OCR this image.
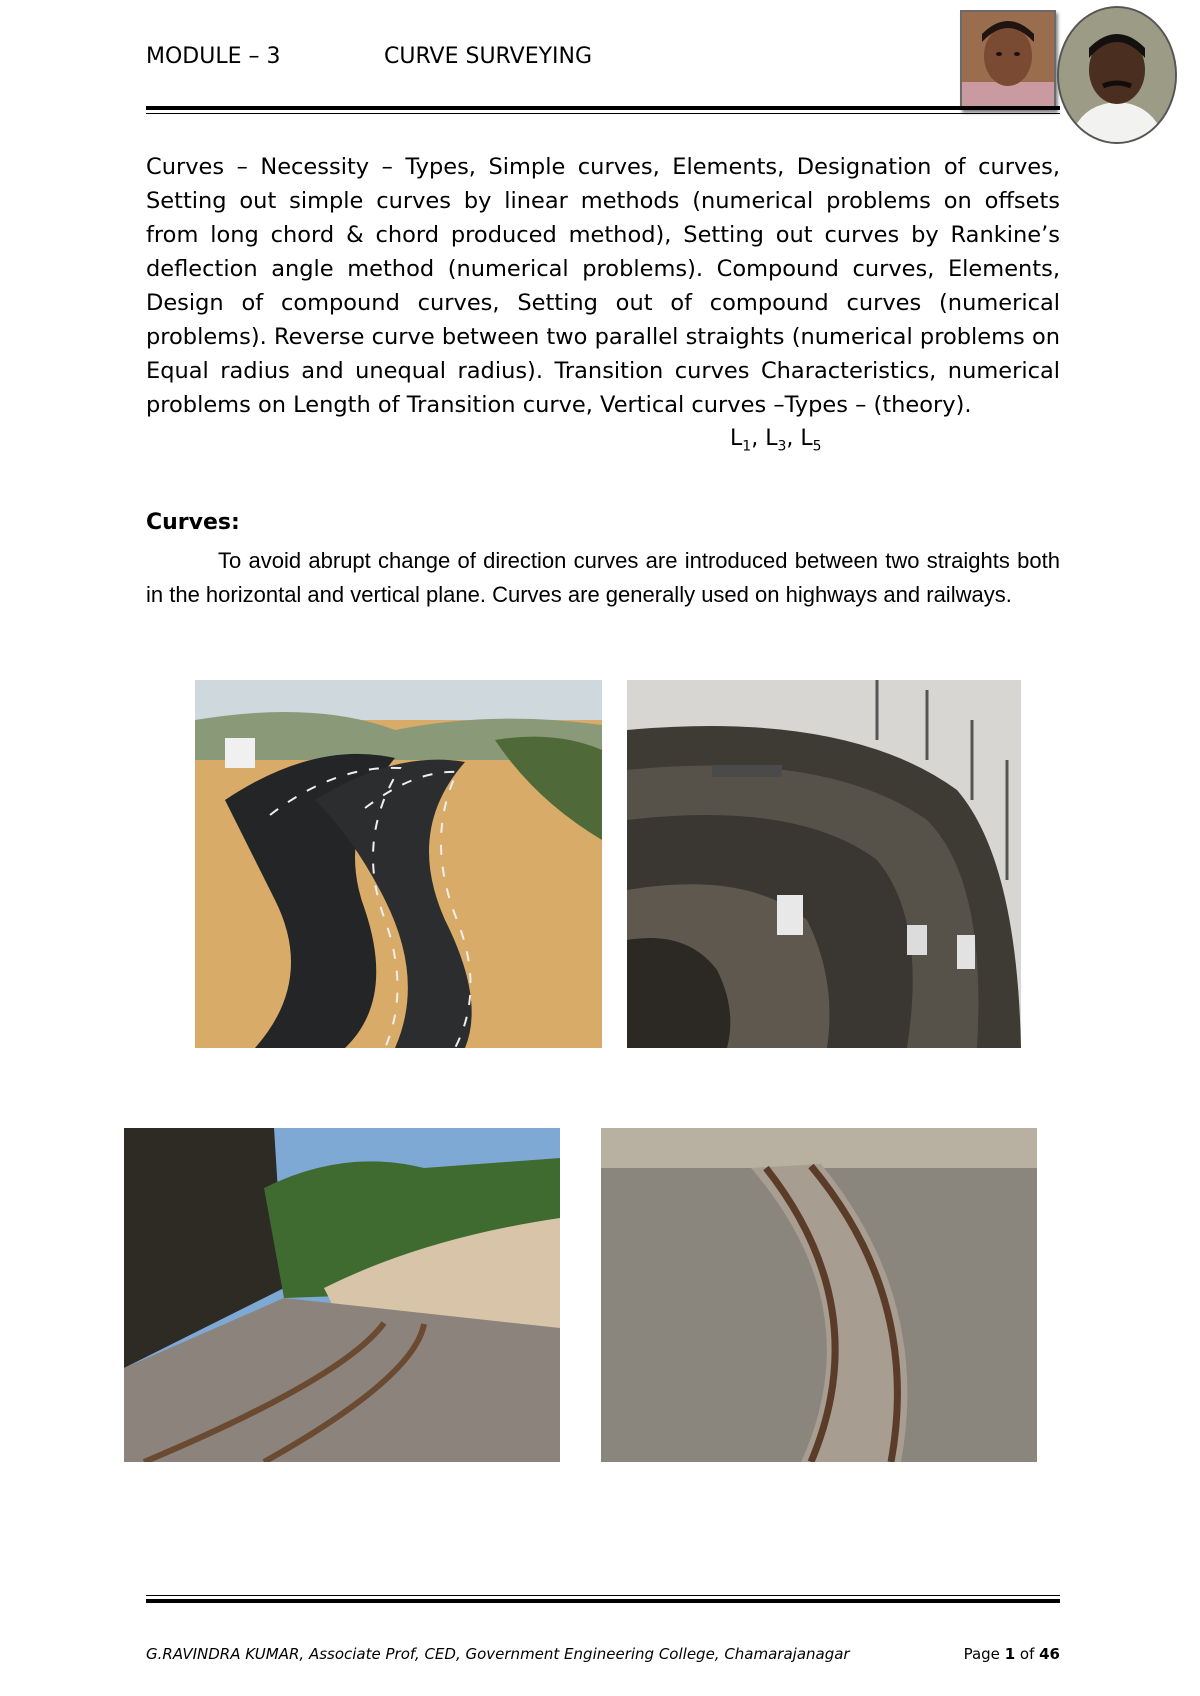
MODULE – 3	CURVE SURVEYING
Curves – Necessity – Types, Simple curves, Elements, Designation of curves, Setting out simple curves by linear methods (numerical problems on offsets from long chord & chord produced method), Setting out curves by Rankine’s deflection angle method (numerical problems). Compound curves, Elements, Design of compound curves, Setting out of compound curves (numerical problems). Reverse curve between two parallel straights (numerical problems on Equal radius and unequal radius). Transition curves Characteristics, numerical problems on Length of Transition curve, Vertical curves –Types – (theory).
$L_1$, $L_3$, $L_5$
Curves:
To avoid abrupt change of direction curves are introduced between two straights both in the horizontal and vertical plane. Curves are generally used on highways and railways.
G.RAVINDRA KUMAR, Associate Prof, CED, Government Engineering College, Chamarajanagar	Page 1 of 46
